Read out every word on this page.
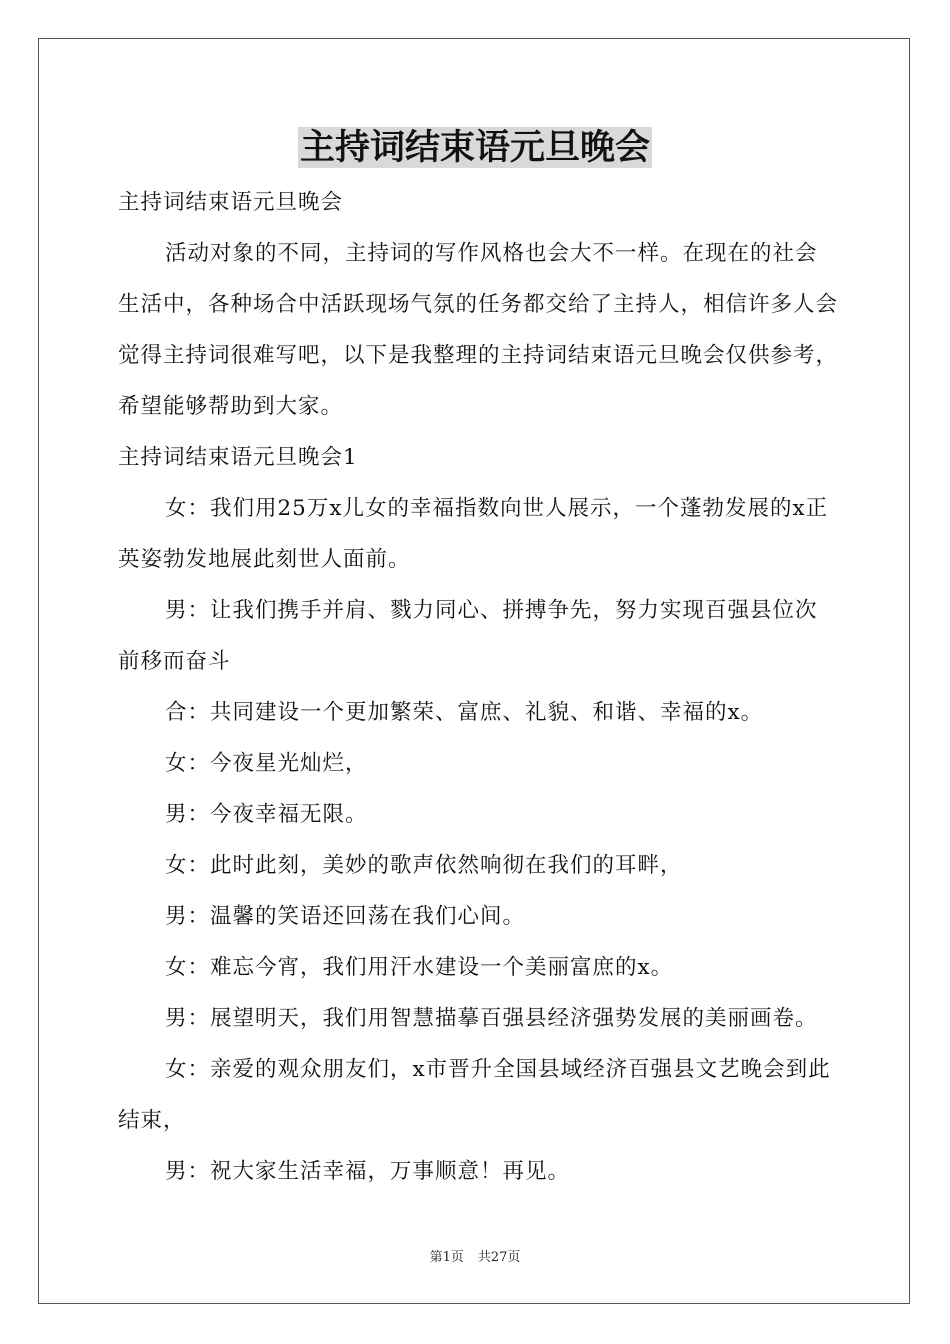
主持词结束语元旦晚会

主持词结束语元旦晚会

活动对象的不同，主持词的写作风格也会大不一样。在现在的社会生活中，各种场合中活跃现场气氛的任务都交给了主持人，相信许多人会觉得主持词很难写吧，以下是我整理的主持词结束语元旦晚会仅供参考，希望能够帮助到大家。

主持词结束语元旦晚会1

女：我们用25万x儿女的幸福指数向世人展示，一个蓬勃发展的x正英姿勃发地展此刻世人面前。

男：让我们携手并肩、戮力同心、拼搏争先，努力实现百强县位次前移而奋斗

合：共同建设一个更加繁荣、富庶、礼貌、和谐、幸福的x。

女：今夜星光灿烂，

男：今夜幸福无限。

女：此时此刻，美妙的歌声依然响彻在我们的耳畔，

男：温馨的笑语还回荡在我们心间。

女：难忘今宵，我们用汗水建设一个美丽富庶的x。

男：展望明天，我们用智慧描摹百强县经济强势发展的美丽画卷。

女：亲爱的观众朋友们，x市晋升全国县域经济百强县文艺晚会到此结束，

男：祝大家生活幸福，万事顺意！再见。

第1页 共27页
